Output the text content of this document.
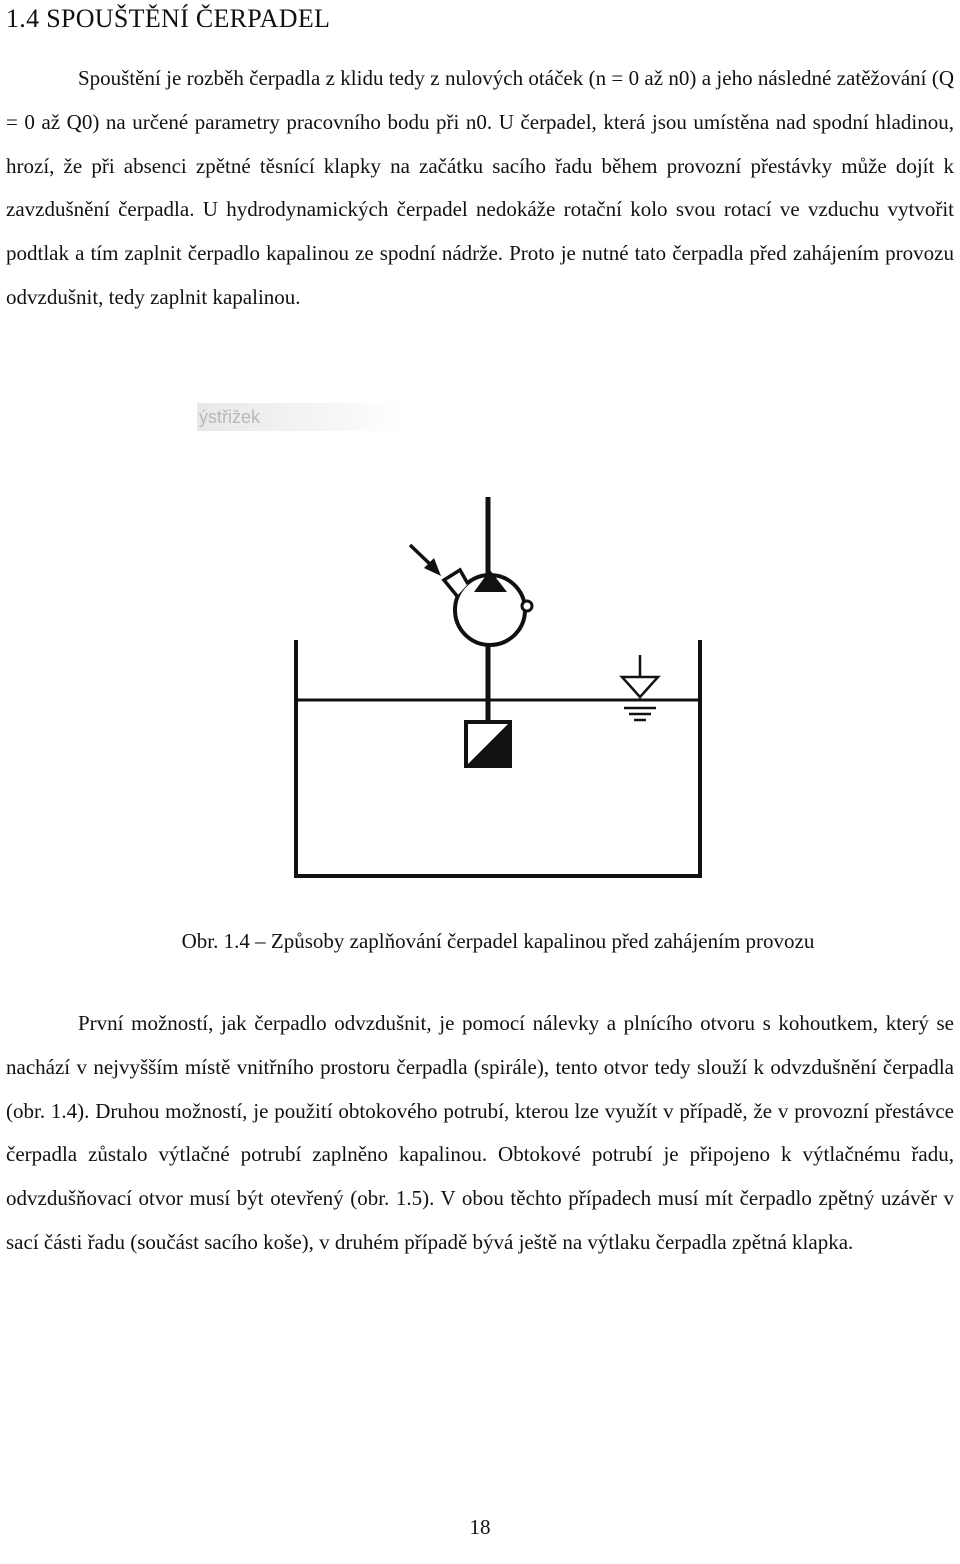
1.4 SPOUŠTĚNÍ ČERPADEL

Spouštění je rozběh čerpadla z klidu tedy z nulových otáček (n = 0 až n0) a jeho následné zatěžování (Q = 0 až Q0) na určené parametry pracovního bodu při n0. U čerpadel, která jsou umístěna nad spodní hladinou, hrozí, že při absenci zpětné těsnící klapky na začátku sacího řadu během provozní přestávky může dojít k zavzdušnění čerpadla. U hydrodynamických čerpadel nedokáže rotační kolo svou rotací ve vzduchu vytvořit podtlak a tím zaplnit čerpadlo kapalinou ze spodní nádrže. Proto je nutné tato čerpadla před zahájením provozu odvzdušnit, tedy zaplnit kapalinou.

ýstřižek

Obr. 1.4 – Způsoby zaplňování čerpadel kapalinou před zahájením provozu

První možností, jak čerpadlo odvzdušnit, je pomocí nálevky a plnícího otvoru s kohoutkem, který se nachází v nejvyšším místě vnitřního prostoru čerpadla (spirále), tento otvor tedy slouží k odvzdušnění čerpadla (obr. 1.4). Druhou možností, je použití obtokového potrubí, kterou lze využít v případě, že v provozní přestávce čerpadla zůstalo výtlačné potrubí zaplněno kapalinou. Obtokové potrubí je připojeno k výtlačnému řadu, odvzdušňovací otvor musí být otevřený (obr. 1.5). V obou těchto případech musí mít čerpadlo zpětný uzávěr v sací části řadu (součást sacího koše), v druhém případě bývá ještě na výtlaku čerpadla zpětná klapka.

18
